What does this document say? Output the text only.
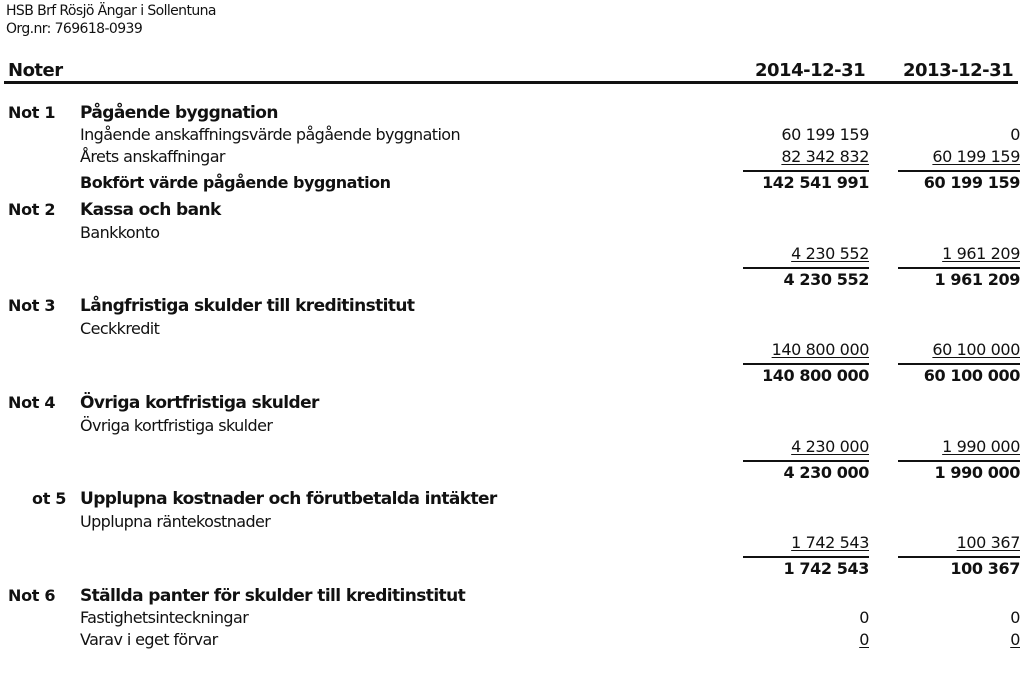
HSB Brf Rösjö Ängar i Sollentuna
Org.nr: 769618-0939
Noter	2014-12-31 2013-12-31
Not 1 Pågående byggnation
Ingående anskaffningsvärde pågående byggnation	60 199 159	0
Årets anskaffningar	82 342 832	60 199 159
Bokfört värde pågående byggnation	142 541 991	60 199 159
Not 2 Kassa och bank
Bankkonto
4 230 552	1 961 209
4 230 552	1 961 209
Not 3 Långfristiga skulder till kreditinstitut
Ceckkredit
140 800 000	60 100 000
140 800 000	60 100 000
Not 4 Övriga kortfristiga skulder
Övriga kortfristiga skulder
4 230 000	1 990 000
4 230 000	1 990 000
ot 5 Upplupna kostnader och förutbetalda intäkter
Upplupna räntekostnader
1 742 543	100 367
1 742 543	100 367
Not 6 Ställda panter för skulder till kreditinstitut
Fastighetsinteckningar	0	0
Varav i eget förvar	0	0
